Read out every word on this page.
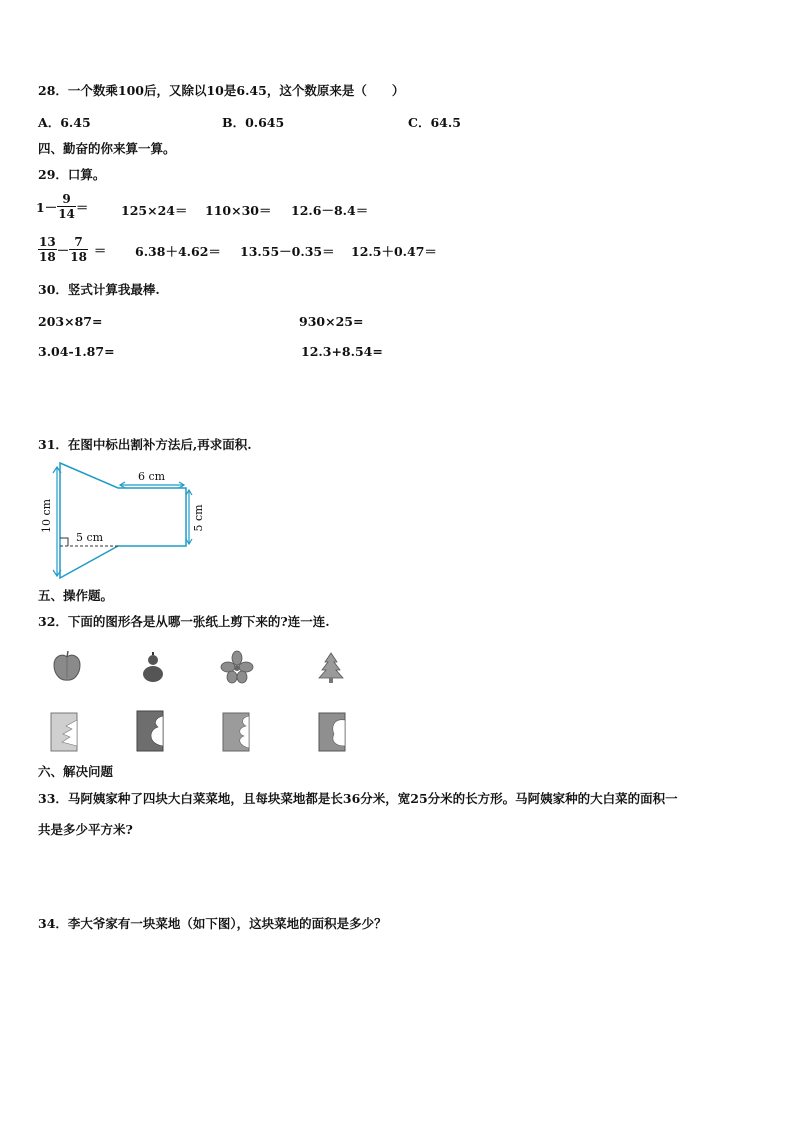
28．一个数乘100后，又除以10是6.45，这个数原来是（　　）
A．6.45	B．0.645	C．64.5
四、勤奋的你来算一算。
29．口算。
$1- \frac{9}{14}$ ＝	125×24＝ 110×30＝ 12.6－8.4＝
$\frac{13}{18} - \frac{7}{18} = 6.38+4.62= 13.55-0.35= 12.5+0.47=$
30．竖式计算我最棒.
203×87=	930×25=
3.04-1.87=	12.3+8.54=
31．在图中标出割补方法后,再求面积.
6 cm
5 cm
5 cm
10 cm
五、操作题。
32．下面的图形各是从哪一张纸上剪下来的?连一连.
六、解决问题
33．马阿姨家种了四块大白菜菜地，且每块菜地都是长36分米，宽25分米的长方形。马阿姨家种的大白菜的面积一
共是多少平方米?
34．李大爷家有一块菜地（如下图），这块菜地的面积是多少？
